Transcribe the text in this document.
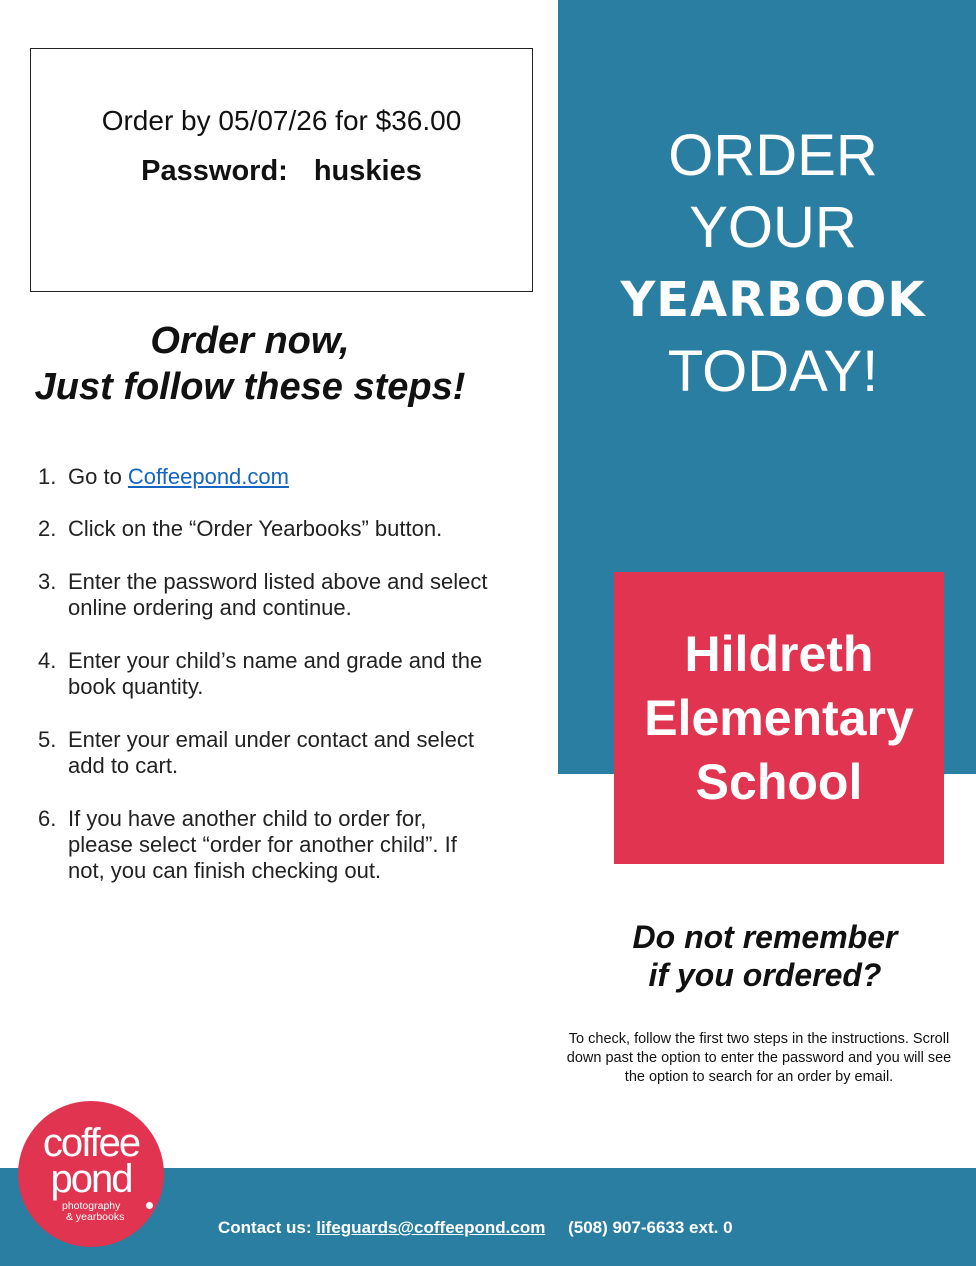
Order by 05/07/26 for $36.00
Password: huskies
Order now,
Just follow these steps!
1. Go to Coffeepond.com
2. Click on the “Order Yearbooks” button.
3. Enter the password listed above and select online ordering and continue.
4. Enter your child’s name and grade and the book quantity.
5. Enter your email under contact and select add to cart.
6. If you have another child to order for, please select “order for another child”. If not, you can finish checking out.
ORDER
YOUR
YEARBOOK
TODAY!
Hildreth
Elementary
School
Do not remember
if you ordered?
To check, follow the first two steps in the instructions. Scroll down past the option to enter the password and you will see the option to search for an order by email.
Contact us: lifeguards@coffeepond.com (508) 907-6633 ext. 0
coffee
pond
photography
& yearbooks
